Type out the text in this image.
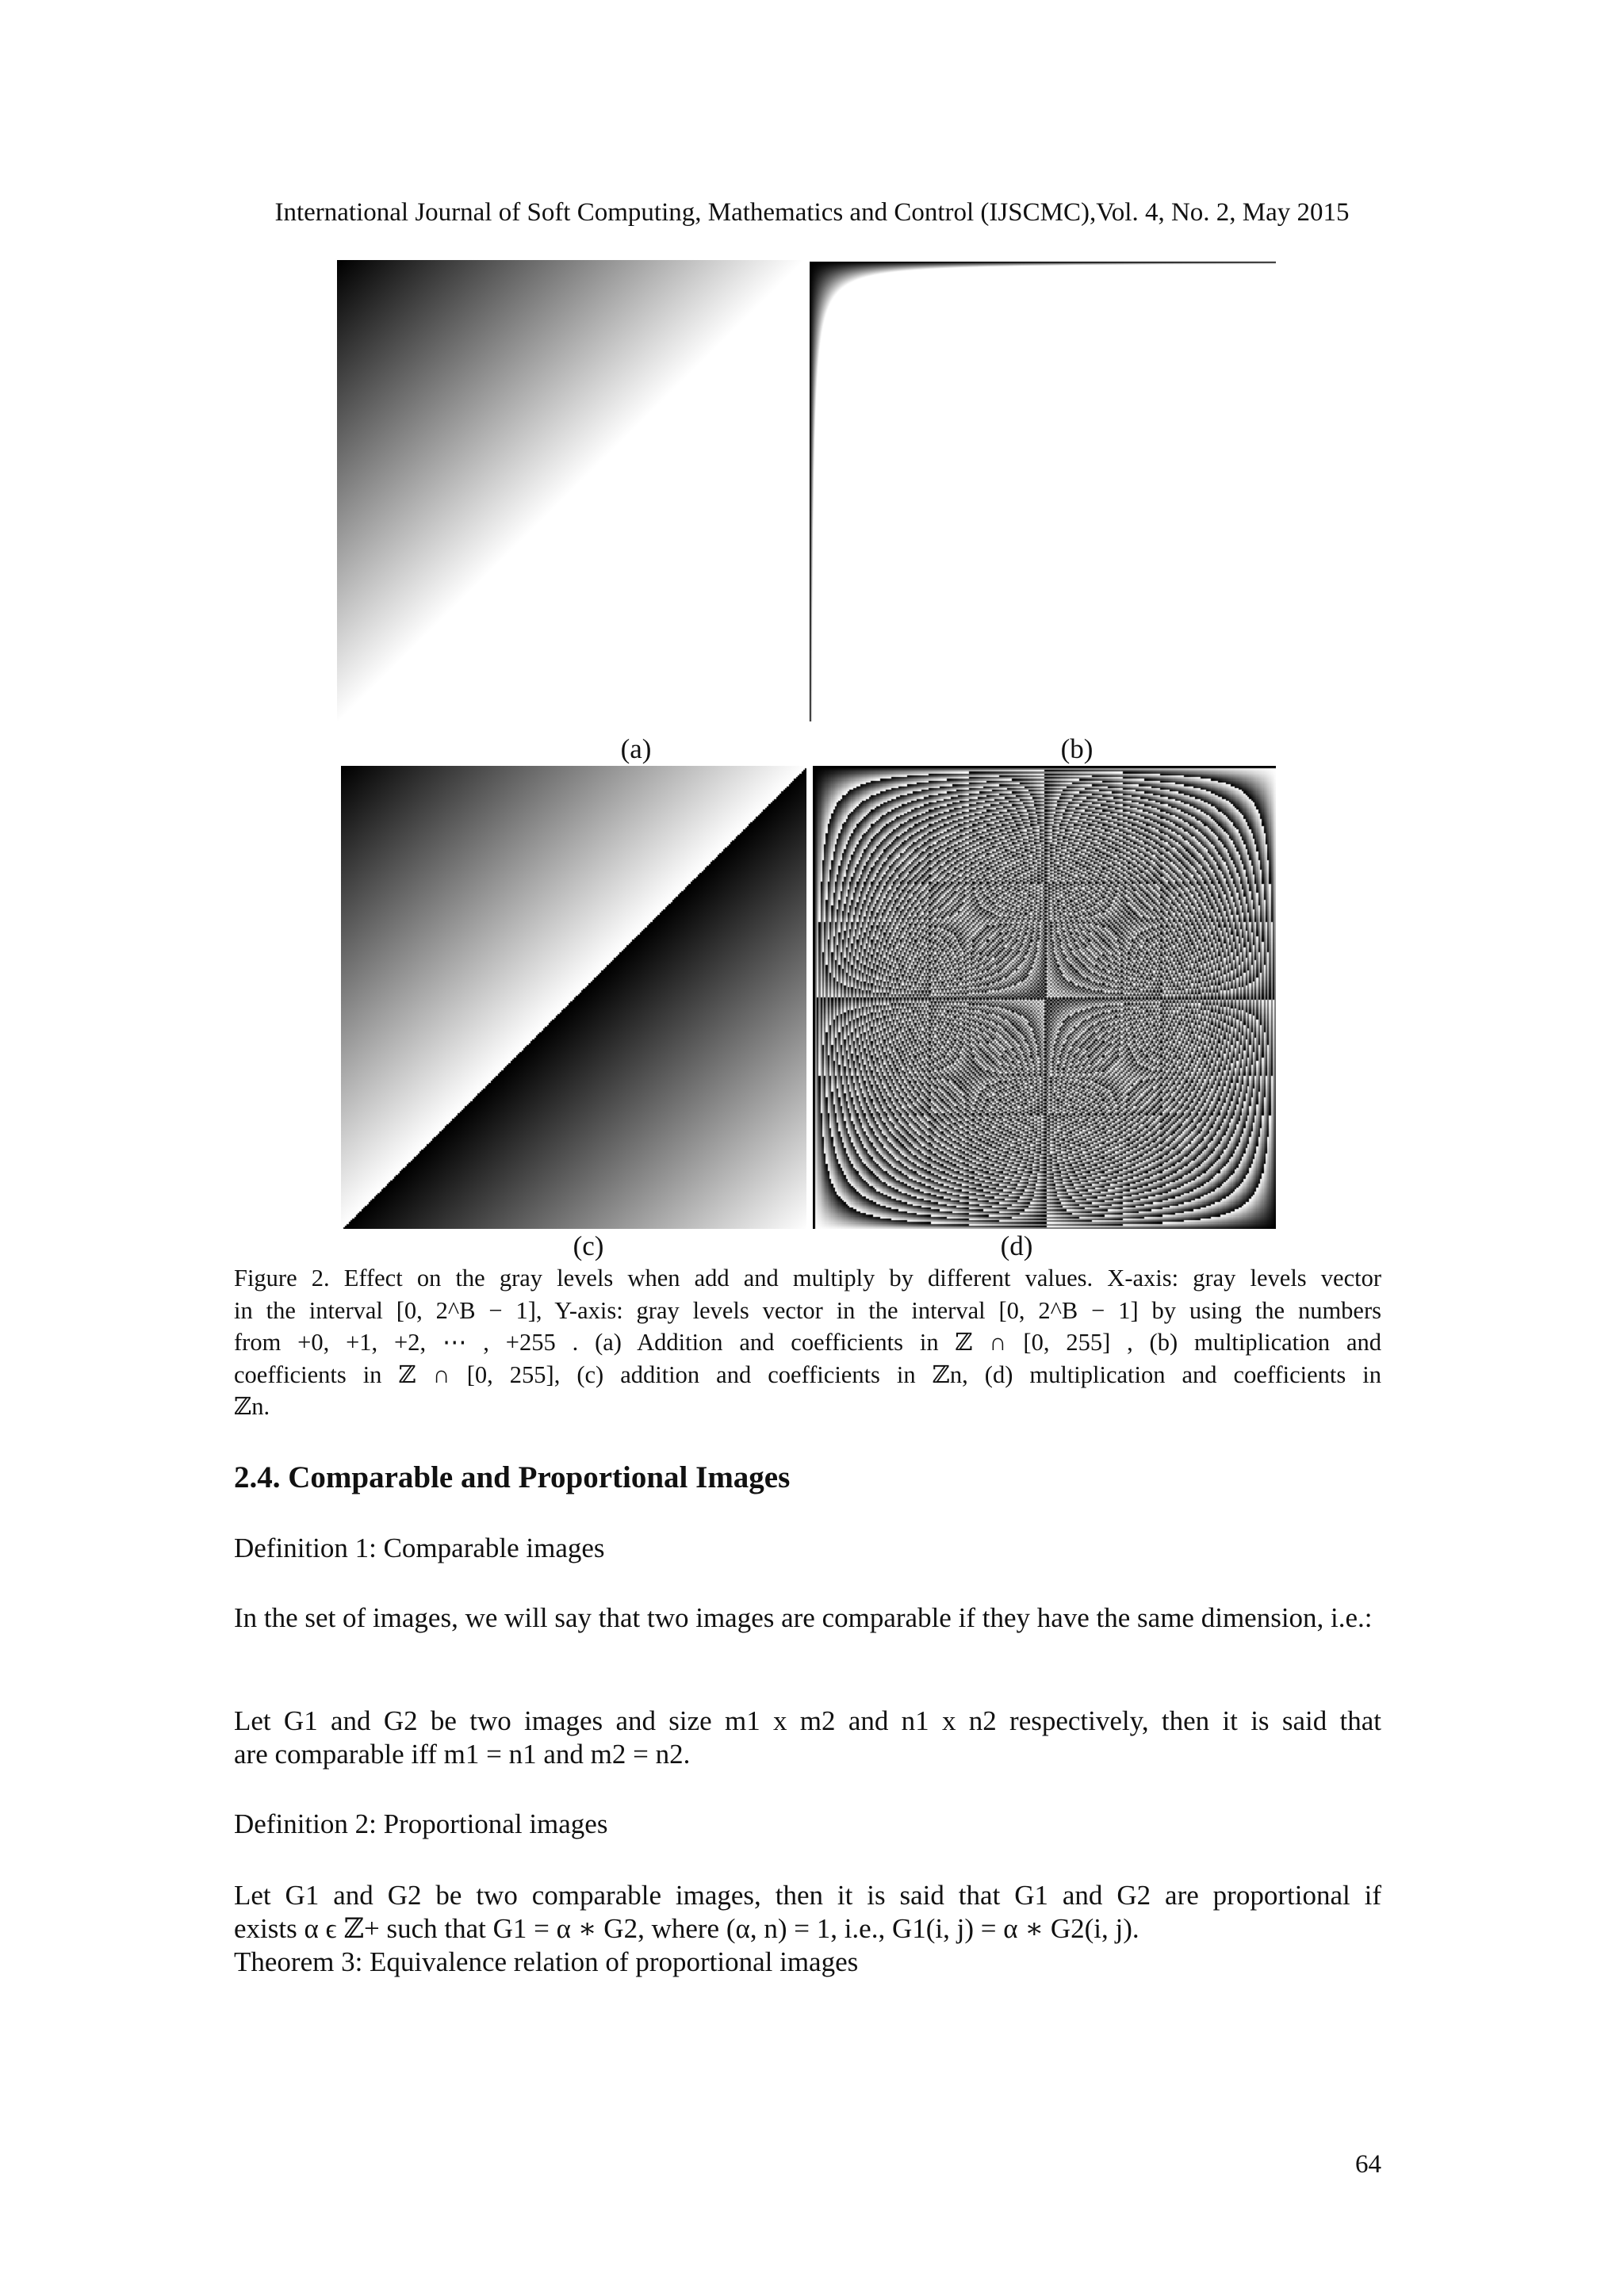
International Journal of Soft Computing, Mathematics and Control (IJSCMC),Vol. 4, No. 2, May 2015
(a)	(b)
(c)	(d)
Figure 2. Effect on the gray levels when add and multiply by different values. X-axis: gray levels vector
in the interval [0, 2^B − 1], Y-axis: gray levels vector in the interval [0, 2^B − 1] by using the numbers
from +0, +1, +2, ⋯ , +255 . (a) Addition and coefficients in ℤ ∩ [0, 255] , (b) multiplication and
coefficients in ℤ ∩ [0, 255], (c) addition and coefficients in ℤn, (d) multiplication and coefficients in
ℤn.
2.4. Comparable and Proportional Images
Definition 1: Comparable images
In the set of images, we will say that two images are comparable if they have the same dimension, i.e.:
Let G1 and G2 be two images and size m1 x m2 and n1 x n2 respectively, then it is said that
are comparable iff m1 = n1 and m2 = n2.
Definition 2: Proportional images
Let G1 and G2 be two comparable images, then it is said that G1 and G2 are proportional if
exists α ϵ ℤ+ such that G1 = α ∗ G2, where (α, n) = 1, i.e., G1(i, j) = α ∗ G2(i, j).
Theorem 3: Equivalence relation of proportional images
64
